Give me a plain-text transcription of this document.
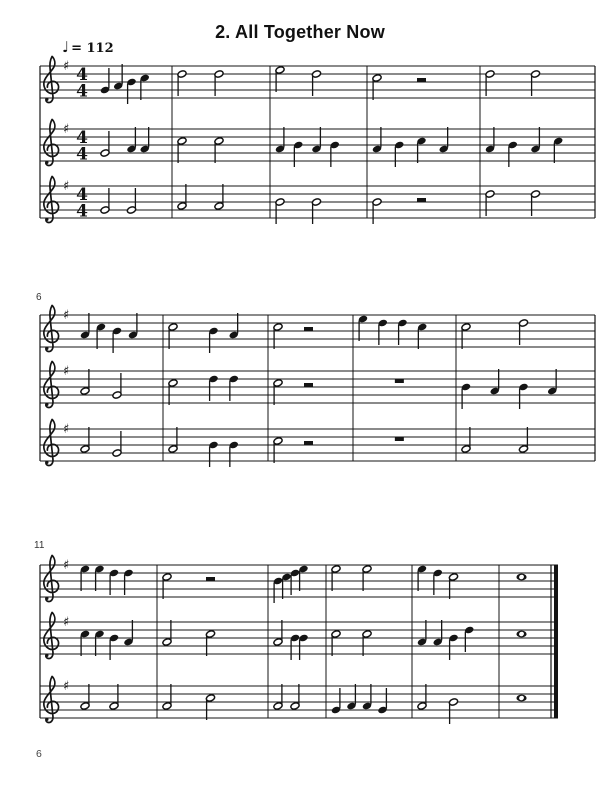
2. All Together Now
♩ = 112
6
11
♯ 4
4
♯ 4
4
♯ 4
4
♯
♯
♯
♯
♯
♯
6
